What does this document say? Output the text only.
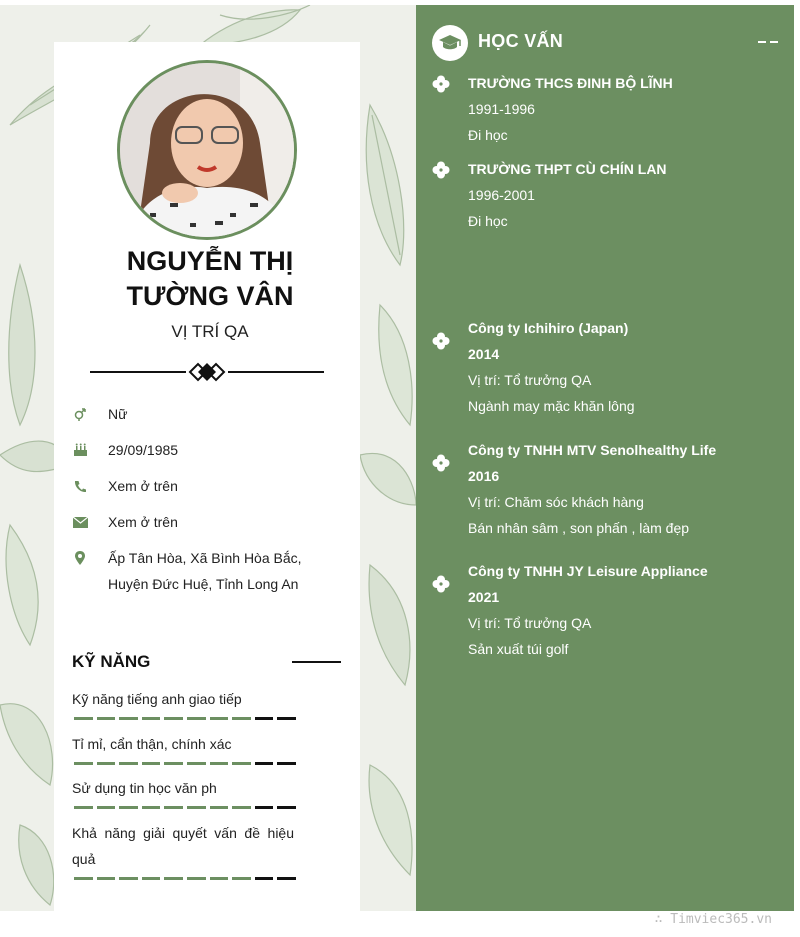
NGUYỄN THỊ
TƯỜNG VÂN
VỊ TRÍ QA
Nữ
29/09/1985
Xem ở trên
Xem ở trên
Ấp Tân Hòa, Xã Bình Hòa Bắc, Huyện Đức Huệ, Tỉnh Long An
KỸ NĂNG
Kỹ năng tiếng anh giao tiếp
Tỉ mỉ, cẩn thận, chính xác
Sử dụng tin học văn ph
Khả năng giải quyết vấn đề hiệu quả
HỌC VẤN
TRƯỜNG THCS ĐINH BỘ LĨNH
1991-1996
Đi học
TRƯỜNG THPT CÙ CHÍN LAN
1996-2001
Đi học
Công ty Ichihiro (Japan)
2014
Vị trí: Tổ trưởng QA
Ngành may mặc khăn lông
Công ty TNHH MTV Senolhealthy Life
2016
Vị trí: Chăm sóc khách hàng
Bán nhân sâm , son phấn , làm đẹp
Công ty TNHH JY Leisure Appliance
2021
Vị trí: Tổ trưởng QA
Sản xuất túi golf
∴ Timviec365.vn
